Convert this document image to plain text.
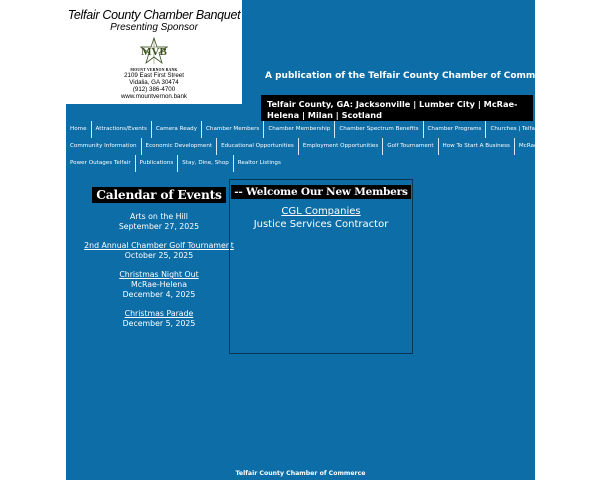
Telfair County Chamber Banquet
Presenting Sponsor
MVB
MOUNT VERNON BANK
2109 East First Street
Vidalia, GA 30474
(912) 386-4700
www.mountvernon.bank
A publication of the Telfair County Chamber of Commerce
Telfair County, GA: Jacksonville | Lumber City | McRae-Helena | Milan | Scotland
Home	Attractions/Events	Camera Ready	Chamber Members	Chamber Membership	Chamber Spectrum Benefits	Chamber Programs	Churches | Telfair Co.
Community Information	Economic Development	Educational Opportunities	Employment Opportunities	Golf Tournament	How To Start A Business	McRae Rotary Club
Power Outages Telfair	Publications	Stay, Dine, Shop	Realtor Listings
Calendar of Events
Arts on the Hill
September 27, 2025
2nd Annual Chamber Golf Tournament
October 25, 2025
Christmas Night Out
McRae-Helena
December 4, 2025
Christmas Parade
December 5, 2025
-- Welcome Our New Members
CGL Companies
Justice Services Contractor
Telfair County Chamber of Commerce
